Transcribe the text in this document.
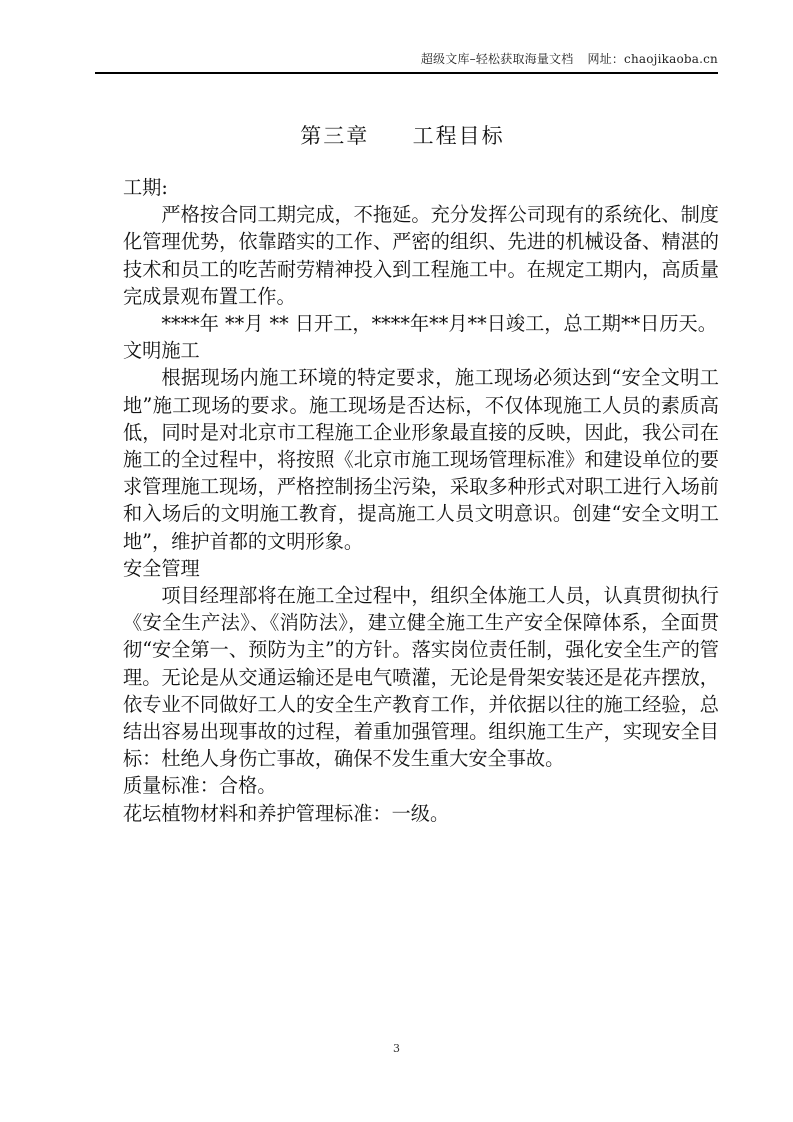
超级文库–轻松获取海量文档 网址：chaojikaoba.cn
第三章     工程目标

工期:

严格按合同工期完成，不拖延。充分发挥公司现有的系统化、制度化管理优势，依靠踏实的工作、严密的组织、先进的机械设备、精湛的技术和员工的吃苦耐劳精神投入到工程施工中。在规定工期内，高质量完成景观布置工作。

****年 **月 ** 日开工，****年**月**日竣工，总工期**日历天。

文明施工

根据现场内施工环境的特定要求，施工现场必须达到“安全文明工地”施工现场的要求。施工现场是否达标，不仅体现施工人员的素质高低，同时是对北京市工程施工企业形象最直接的反映，因此，我公司在施工的全过程中，将按照《北京市施工现场管理标准》和建设单位的要求管理施工现场，严格控制扬尘污染，采取多种形式对职工进行入场前和入场后的文明施工教育，提高施工人员文明意识。创建“安全文明工地”，维护首都的文明形象。

安全管理

项目经理部将在施工全过程中，组织全体施工人员，认真贯彻执行《安全生产法》、《消防法》，建立健全施工生产安全保障体系，全面贯彻“安全第一、预防为主”的方针。落实岗位责任制，强化安全生产的管理。无论是从交通运输还是电气喷灌，无论是骨架安装还是花卉摆放，依专业不同做好工人的安全生产教育工作，并依据以往的施工经验，总结出容易出现事故的过程，着重加强管理。组织施工生产，实现安全目标：杜绝人身伤亡事故，确保不发生重大安全事故。

质量标准：合格。

花坛植物材料和养护管理标准：一级。

3
